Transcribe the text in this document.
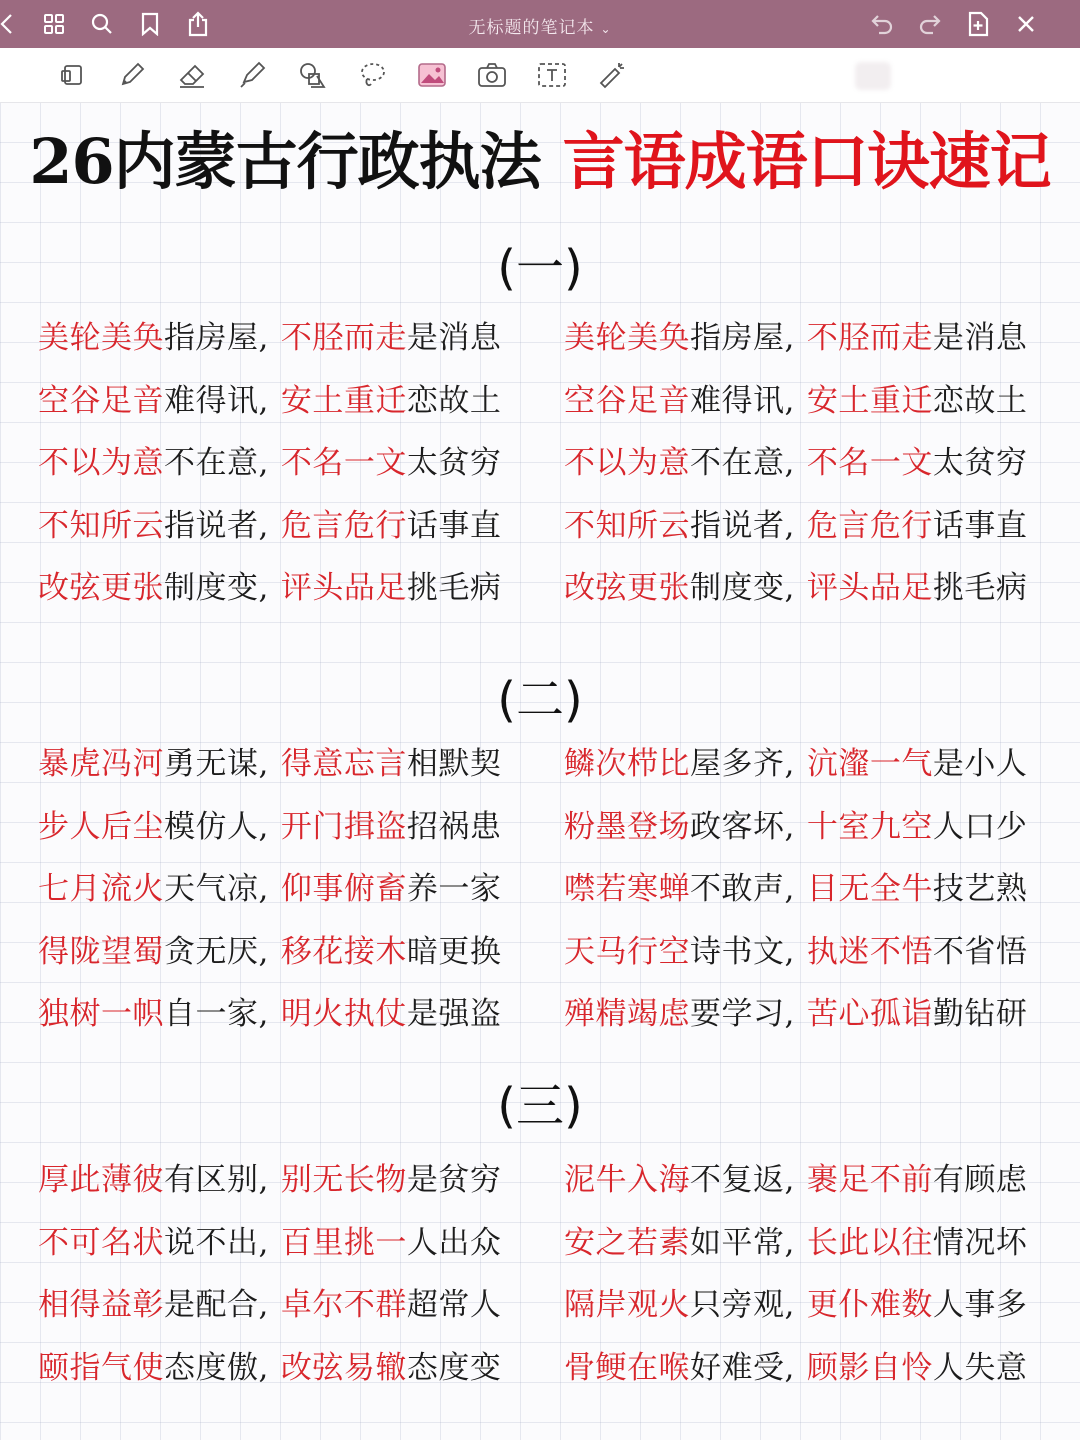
无标题的笔记本 ⌄
26内蒙古行政执法 言语成语口诀速记
(一)
美轮美奂指房屋, 不胫而走是消息
空谷足音难得讯, 安土重迁恋故土
不以为意不在意, 不名一文太贫穷
不知所云指说者, 危言危行话事直
改弦更张制度变, 评头品足挑毛病
美轮美奂指房屋, 不胫而走是消息
空谷足音难得讯, 安土重迁恋故土
不以为意不在意, 不名一文太贫穷
不知所云指说者, 危言危行话事直
改弦更张制度变, 评头品足挑毛病
(二)
暴虎冯河勇无谋, 得意忘言相默契
步人后尘模仿人, 开门揖盗招祸患
七月流火天气凉, 仰事俯畜养一家
得陇望蜀贪无厌, 移花接木暗更换
独树一帜自一家, 明火执仗是强盗
鳞次栉比屋多齐, 沆瀣一气是小人
粉墨登场政客坏, 十室九空人口少
噤若寒蝉不敢声, 目无全牛技艺熟
天马行空诗书文, 执迷不悟不省悟
殚精竭虑要学习, 苦心孤诣勤钻研
(三)
厚此薄彼有区别, 别无长物是贫穷
不可名状说不出, 百里挑一人出众
相得益彰是配合, 卓尔不群超常人
颐指气使态度傲, 改弦易辙态度变
泥牛入海不复返, 裹足不前有顾虑
安之若素如平常, 长此以往情况坏
隔岸观火只旁观, 更仆难数人事多
骨鲠在喉好难受, 顾影自怜人失意
